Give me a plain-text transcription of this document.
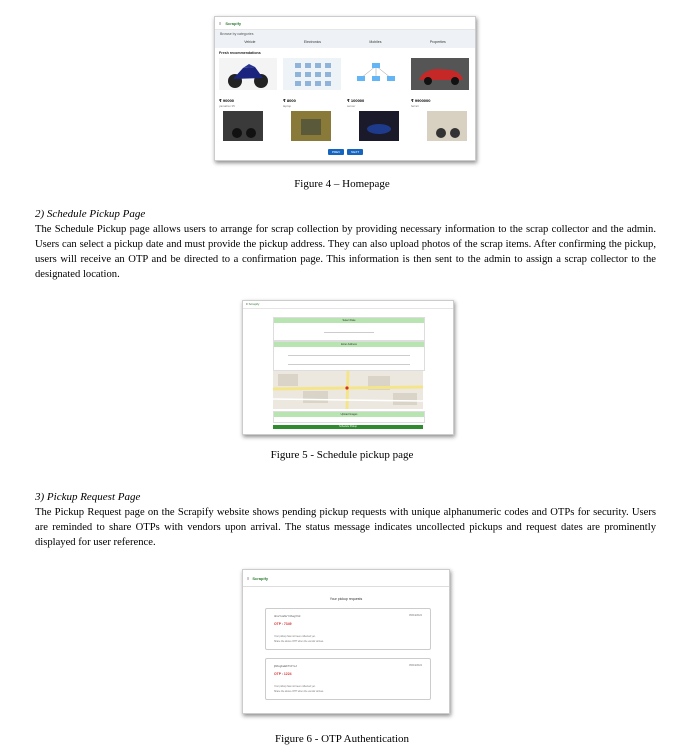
≡ Scrapify
Browse by categories
Vehicle	Electronics	Mobiles	Properties
Fresh recommendations
₹ 90000
yamaha r15
₹ 8000
laptop
₹ 100000
server
₹ 9900000
ferrari
PREV	NEXT
Figure 4 – Homepage
2) Schedule Pickup Page
The Schedule Pickup page allows users to arrange for scrap collection by providing necessary information to the scrap collector and the admin. Users can select a pickup date and must provide the pickup address. They can also upload photos of the scrap items. After confirming the pickup, users will receive an OTP and be directed to a confirmation page. This information is then sent to the admin to assign a scrap collector to the designated location.
≡ Scrapify
Select Date
Enter Address
Upload Images
Schedule Pickup
Figure 5 - Schedule pickup page
3) Pickup Request Page
The Pickup Request page on the Scrapify website shows pending pickup requests with unique alphanumeric codes and OTPs for security. Users are reminded to share OTPs with vendors upon arrival. The status message indicates uncollected pickups and request dates are prominently displayed for user reference.
≡ Scrapify
Your pickup requests
t2xuYxa6uYrthagYtid	05/04/2024
OTP : 7349
Your pickup has not been collected yet.
Share the above OTP when the vendor arrives.
jl9hxgbeEFTrdYsJ	05/04/2024
OTP : 1224
Your pickup has not been collected yet.
Share the above OTP when the vendor arrives.
Figure 6 - OTP Authentication
